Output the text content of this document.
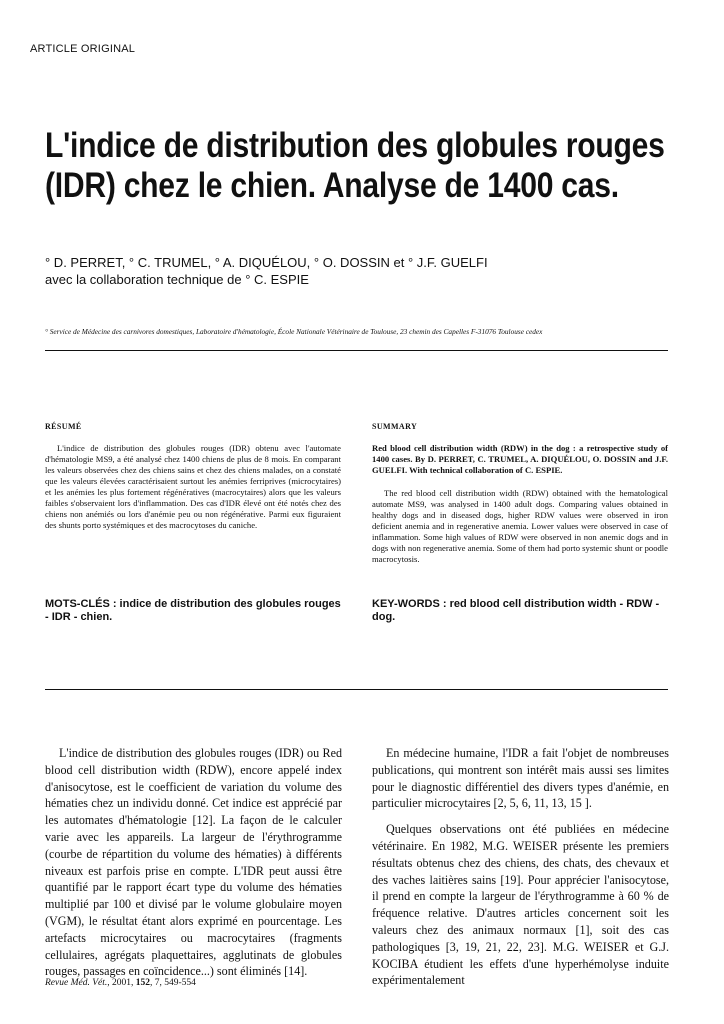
ARTICLE ORIGINAL
L'indice de distribution des globules rouges
(IDR) chez le chien. Analyse de 1400 cas.
° D. PERRET, ° C. TRUMEL, ° A. DIQUÉLOU, ° O. DOSSIN et ° J.F. GUELFI
avec la collaboration technique de ° C. ESPIE
° Service de Médecine des carnivores domestiques, Laboratoire d'hématologie, École Nationale Vétérinaire de Toulouse, 23 chemin des Capelles F-31076 Toulouse cedex
RÉSUMÉ

L'indice de distribution des globules rouges (IDR) obtenu avec l'automate d'hématologie MS9, a été analysé chez 1400 chiens de plus de 8 mois. En comparant les valeurs observées chez des chiens sains et chez des chiens malades, on a constaté que les valeurs élevées caractérisaient surtout les anémies ferriprives (microcytaires) et les anémies les plus fortement régénératives (macrocytaires) alors que les valeurs faibles s'observaient lors d'inflammation. Des cas d'IDR élevé ont été notés chez des chiens non anémiés ou lors d'anémie peu ou non régénérative. Parmi eux figuraient des shunts porto systémiques et des macrocytoses du caniche.

SUMMARY

Red blood cell distribution width (RDW) in the dog : a retrospective study of 1400 cases. By D. PERRET, C. TRUMEL, A. DIQUÉLOU, O. DOSSIN and J.F. GUELFI. With technical collaboration of C. ESPIE.

The red blood cell distribution width (RDW) obtained with the hematological automate MS9, was analysed in 1400 adult dogs. Comparing values obtained in healthy dogs and in diseased dogs, higher RDW values were observed in iron deficient anemia and in regenerative anemia. Lower values were observed in case of inflammation. Some high values of RDW were observed in non anemic dogs and in dogs with non regenerative anemia. Some of them had porto systemic shunt or poodle macrocytosis.

MOTS-CLÉS : indice de distribution des globules rouges - IDR - chien.
KEY-WORDS : red blood cell distribution width - RDW - dog.

L'indice de distribution des globules rouges (IDR) ou Red blood cell distribution width (RDW), encore appelé index d'anisocytose, est le coefficient de variation du volume des hématies chez un individu donné. Cet indice est apprécié par les automates d'hématologie [12]. La façon de le calculer varie avec les appareils. La largeur de l'érythrogramme (courbe de répartition du volume des hématies) à différents niveaux est parfois prise en compte. L'IDR peut aussi être quantifié par le rapport écart type du volume des hématies multiplié par 100 et divisé par le volume globulaire moyen (VGM), le résultat étant alors exprimé en pourcentage. Les artefacts microcytaires ou macrocytaires (fragments cellulaires, agrégats plaquettaires, agglutinats de globules rouges, passages en coïncidence...) sont éliminés [14].

En médecine humaine, l'IDR a fait l'objet de nombreuses publications, qui montrent son intérêt mais aussi ses limites pour le diagnostic différentiel des divers types d'anémie, en particulier microcytaires [2, 5, 6, 11, 13, 15 ].

Quelques observations ont été publiées en médecine vétérinaire. En 1982, M.G. WEISER présente les premiers résultats obtenus chez des chiens, des chats, des chevaux et des vaches laitières sains [19]. Pour apprécier l'anisocytose, il prend en compte la largeur de l'érythrogramme à 60 % de fréquence relative. D'autres articles concernent soit les valeurs chez des animaux normaux [1], soit des cas pathologiques [3, 19, 21, 22, 23]. M.G. WEISER et G.J. KOCIBA étudient les effets d'une hyperhémolyse induite expérimentalement

Revue Méd. Vét., 2001, 152, 7, 549-554
